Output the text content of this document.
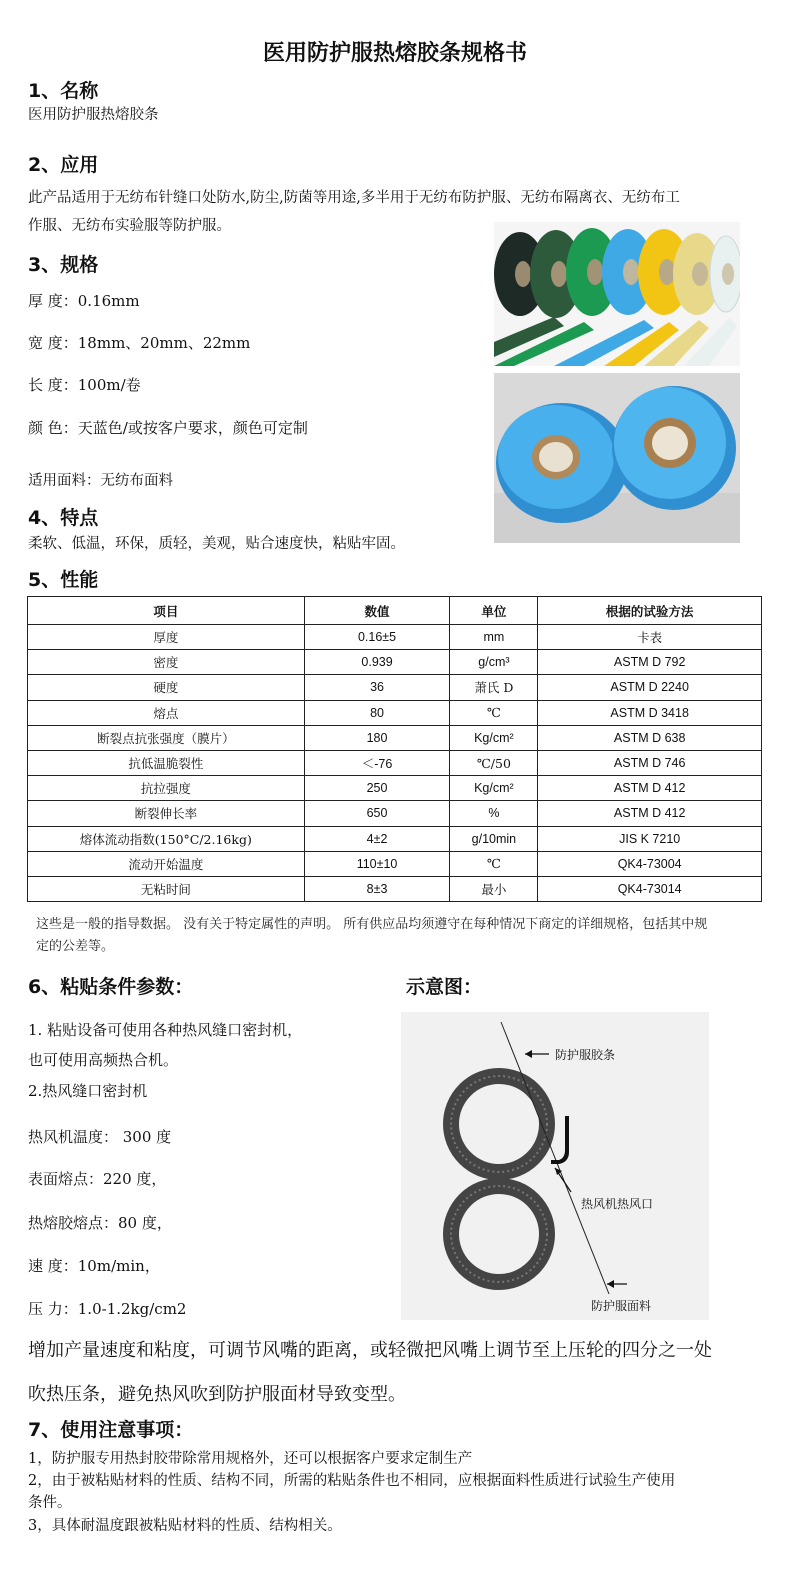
医用防护服热熔胶条规格书
1、名称
医用防护服热熔胶条
2、应用
此产品适用于无纺布针缝口处防水,防尘,防菌等用途,多半用于无纺布防护服、无纺布隔离衣、无纺布工
作服、无纺布实验服等防护服。
3、规格
厚 度：0.16mm
宽 度：18mm、20mm、22mm
长 度：100m/卷
颜 色：天蓝色/或按客户要求，颜色可定制
适用面料：无纺布面料
4、特点
柔软、低温，环保，质轻，美观，贴合速度快，粘贴牢固。
5、性能
项目	数值	单位	根据的试验方法
厚度	0.16±5	mm	卡表
密度	0.939	g/cm³	ASTM D 792
硬度	36	萧氏 D	ASTM D 2240
熔点	80	℃	ASTM D 3418
断裂点抗张强度（膜片）	180	Kg/cm²	ASTM D 638
抗低温脆裂性	＜-76	℃/50	ASTM D 746
抗拉强度	250	Kg/cm²	ASTM D 412
断裂伸长率	650	%	ASTM D 412
熔体流动指数(150°C/2.16kg)	4±2	g/10min	JIS K 7210
流动开始温度	110±10	℃	QK4-73004
无粘时间	8±3	最小	QK4-73014
这些是一般的指导数据。 没有关于特定属性的声明。 所有供应品均须遵守在每种情况下商定的详细规格，包括其中规
定的公差等。
6、粘贴条件参数：	示意图：
1. 粘贴设备可使用各种热风缝口密封机，
也可使用高频热合机。
2.热风缝口密封机
热风机温度： 300 度
表面熔点：220 度，
热熔胶熔点：80 度，
速 度：10m/min，
压 力：1.0-1.2kg/cm2
防护服胶条
热风机热风口
防护服面料
增加产量速度和粘度，可调节风嘴的距离，或轻微把风嘴上调节至上压轮的四分之一处
吹热压条，避免热风吹到防护服面材导致变型。
7、使用注意事项：
1，防护服专用热封胶带除常用规格外，还可以根据客户要求定制生产
2，由于被粘贴材料的性质、结构不同，所需的粘贴条件也不相同，应根据面料性质进行试验生产使用
条件。
3，具体耐温度跟被粘贴材料的性质、结构相关。
